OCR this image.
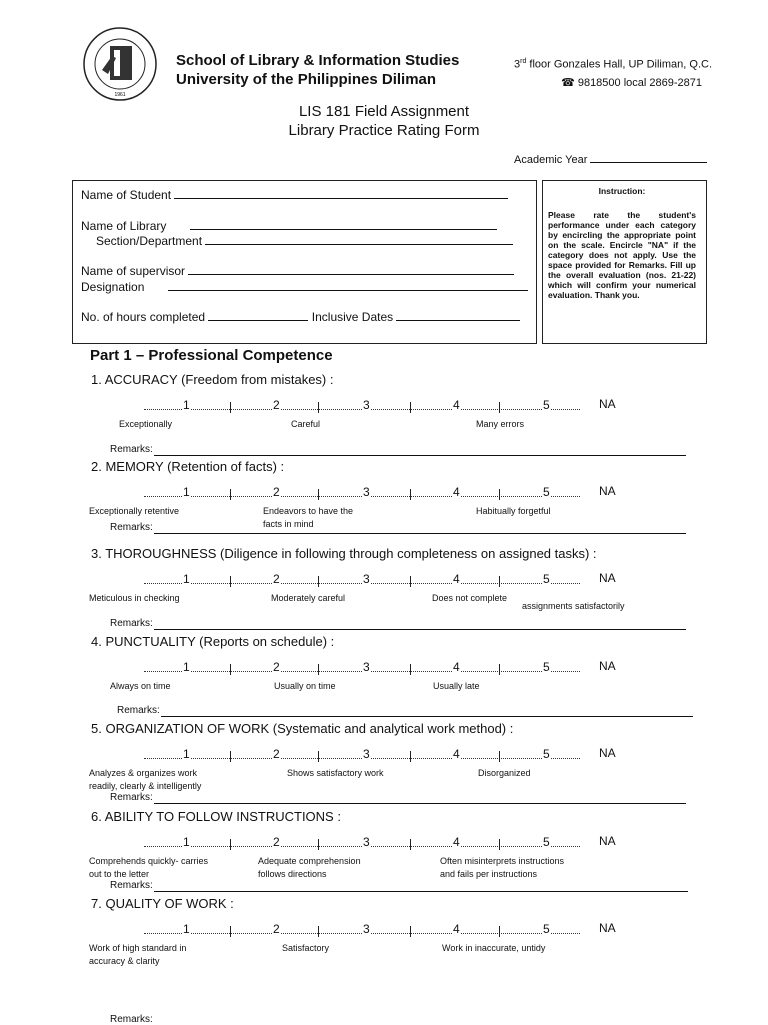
1961
School of Library & Information Studies
University of the Philippines Diliman
3rd floor Gonzales Hall, UP Diliman, Q.C.
☎ 9818500 local 2869-2871
LIS 181 Field Assignment
Library Practice Rating Form
Academic Year
Name of Student
Name of Library
Section/Department
Name of supervisor
Designation
No. of hours completed	Inclusive Dates
Instruction:
Please rate the student's performance under each category by encircling the appropriate point on the scale. Encircle "NA" if the category does not apply. Use the space provided for Remarks. Fill up the overall evaluation (nos. 21-22) which will confirm your numerical evaluation. Thank you.
Part 1 – Professional Competence
1. ACCURACY (Freedom from mistakes) :
1	2	3	4	5	NA
Exceptionally	Careful	Many errors
Remarks:
2. MEMORY (Retention of facts) :
1	2	3	4	5	NA
Exceptionally retentive	Endeavors to have the facts in mind
Habitually forgetful
Remarks:
3. THOROUGHNESS (Diligence in following through completeness on assigned tasks) :
1	2	3	4	5	NA
Meticulous in checking	Moderately careful	Does not complete
assignments satisfactorily
Remarks:
4. PUNCTUALITY (Reports on schedule) :
1	2	3	4	5	NA
Always on time	Usually on time	Usually late
Remarks:
5. ORGANIZATION OF WORK (Systematic and analytical work method) :
1	2	3	4	5	NA
Analyzes & organizes work readily, clearly & intelligently
Shows satisfactory work	Disorganized
Remarks:
6. ABILITY TO FOLLOW INSTRUCTIONS :
1	2	3	4	5	NA
Comprehends quickly- carries out to the letter
Adequate comprehension follows directions
Often misinterprets instructions and fails per instructions
Remarks:
7. QUALITY OF WORK :
1	2	3	4	5	NA
Work of high standard in accuracy & clarity
Satisfactory	Work in inaccurate, untidy
Remarks:
